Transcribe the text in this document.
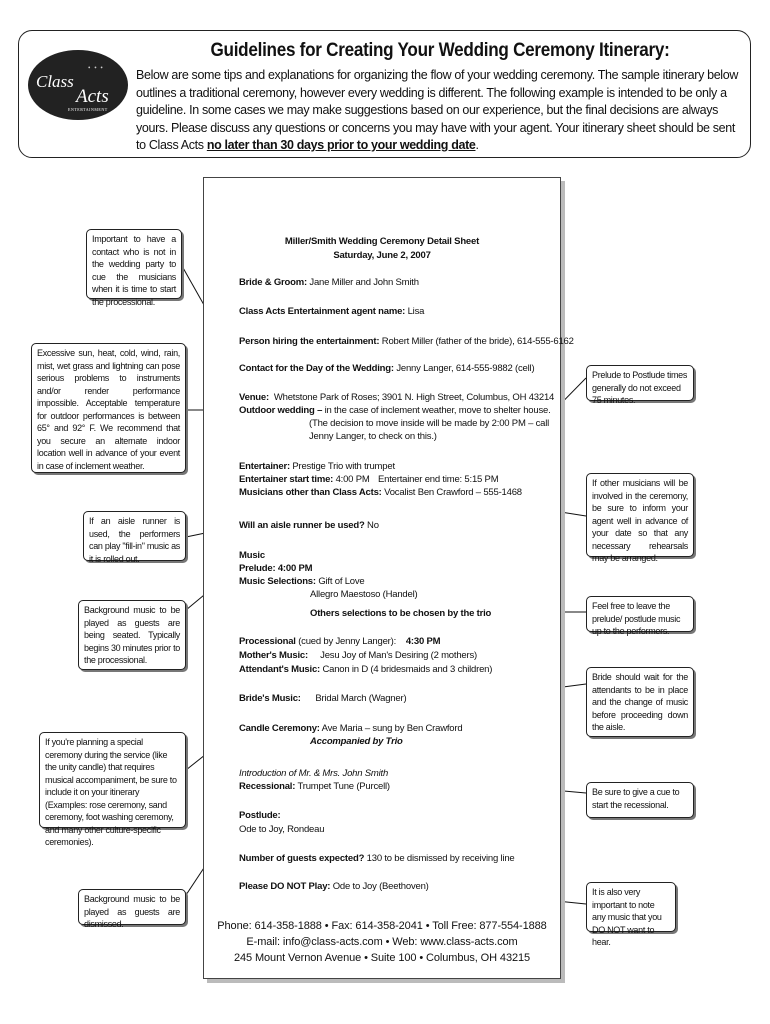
• • •
Class
Acts
ENTERTAINMENT
Guidelines for Creating Your Wedding Ceremony Itinerary:
Below are some tips and explanations for organizing the flow of your wedding ceremony. The sample itinerary below outlines a traditional ceremony, however every wedding is different. The following example is intended to be only a guideline. In some cases we may make suggestions based on our experience, but the final decisions are always yours. Please discuss any questions or concerns you may have with your agent. Your itinerary sheet should be sent to Class Acts no later than 30 days prior to your wedding date.
Miller/Smith Wedding Ceremony Detail Sheet
Saturday, June 2, 2007
Bride & Groom: Jane Miller and John Smith
Class Acts Entertainment agent name: Lisa
Person hiring the entertainment: Robert Miller (father of the bride), 614-555-6162
Contact for the Day of the Wedding: Jenny Langer, 614-555-9882 (cell)
Venue: Whetstone Park of Roses; 3901 N. High Street, Columbus, OH 43214
Outdoor wedding – in the case of inclement weather, move to shelter house.
(The decision to move inside will be made by 2:00 PM – call
Jenny Langer, to check on this.)
Entertainer: Prestige Trio with trumpet
Entertainer start time: 4:00 PM Entertainer end time: 5:15 PM
Musicians other than Class Acts: Vocalist Ben Crawford – 555-1468
Will an aisle runner be used? No
Music
Prelude: 4:00 PM
Music Selections: Gift of Love
Allegro Maestoso (Handel)
Others selections to be chosen by the trio
Processional (cued by Jenny Langer): 4:30 PM
Mother's Music: Jesu Joy of Man's Desiring (2 mothers)
Attendant's Music: Canon in D (4 bridesmaids and 3 children)
Bride's Music: Bridal March (Wagner)
Candle Ceremony: Ave Maria – sung by Ben Crawford
Accompanied by Trio
Introduction of Mr. & Mrs. John Smith
Recessional: Trumpet Tune (Purcell)
Postlude:
Ode to Joy, Rondeau
Number of guests expected? 130 to be dismissed by receiving line
Please DO NOT Play: Ode to Joy (Beethoven)
Phone: 614-358-1888 • Fax: 614-358-2041 • Toll Free: 877-554-1888
E-mail: info@class-acts.com • Web: www.class-acts.com
245 Mount Vernon Avenue • Suite 100 • Columbus, OH 43215
Important to have a contact who is not in the wedding party to cue the musicians when it is time to start the processional.
Excessive sun, heat, cold, wind, rain, mist, wet grass and lightning can pose serious problems to instruments and/or render performance impossible. Acceptable temperature for outdoor performances is between 65° and 92° F. We recommend that you secure an alternate indoor location well in advance of your event in case of inclement weather.
If an aisle runner is used, the performers can play "fill-in" music as it is rolled out.
Background music to be played as guests are being seated. Typically begins 30 minutes prior to the processional.
If you're planning a special ceremony during the service (like the unity candle) that requires musical accompaniment, be sure to include it on your itinerary (Examples: rose ceremony, sand ceremony, foot washing ceremony, and many other culture-specific ceremonies).
Background music to be played as guests are dismissed.
Prelude to Postlude times generally do not exceed 75 minutes.
If other musicians will be involved in the ceremony, be sure to inform your agent well in advance of your date so that any necessary rehearsals may be arranged.
Feel free to leave the prelude/ postlude music up to the performers.
Bride should wait for the attendants to be in place and the change of music before proceeding down the aisle.
Be sure to give a cue to start the recessional.
It is also very important to note any music that you DO NOT want to hear.
